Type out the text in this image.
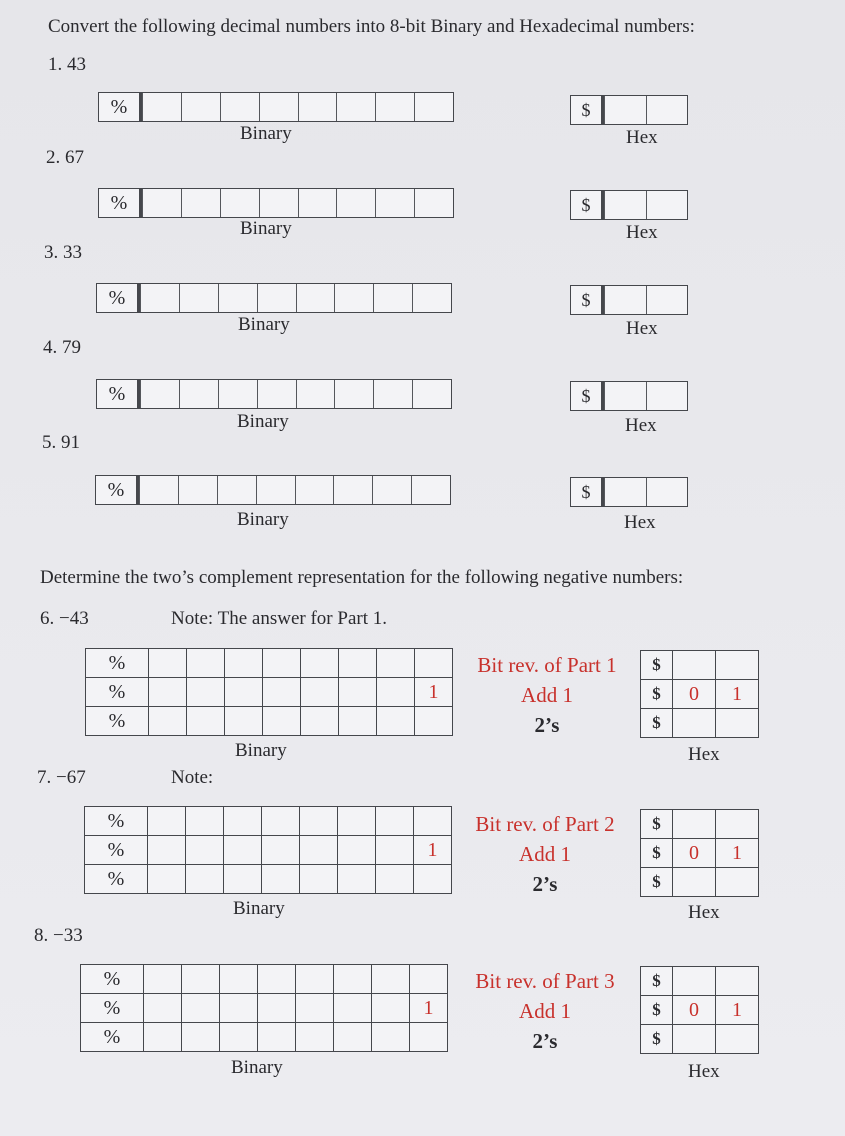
Convert the following decimal numbers into 8-bit Binary and Hexadecimal numbers:
1. 43
%	$
Binary	Hex
2. 67
%	$
Binary	Hex
3. 33
%	$
Binary	Hex
4. 79
%	$
Binary	Hex
5. 91
%	$
Binary	Hex
Determine the two’s complement representation for the following negative numbers:
6. −43	Note: The answer for Part 1.
%								
%								1
%								
Bit rev. of Part 1
Add 1
2’s
$		
$	0	1
$		
Binary	Hex
7. −67	Note:
%								
%								1
%								
Bit rev. of Part 2
Add 1
2’s
$		
$	0	1
$		
Binary	Hex
8. −33
%								
%								1
%								
Bit rev. of Part 3
Add 1
2’s
$		
$	0	1
$		
Binary	Hex
